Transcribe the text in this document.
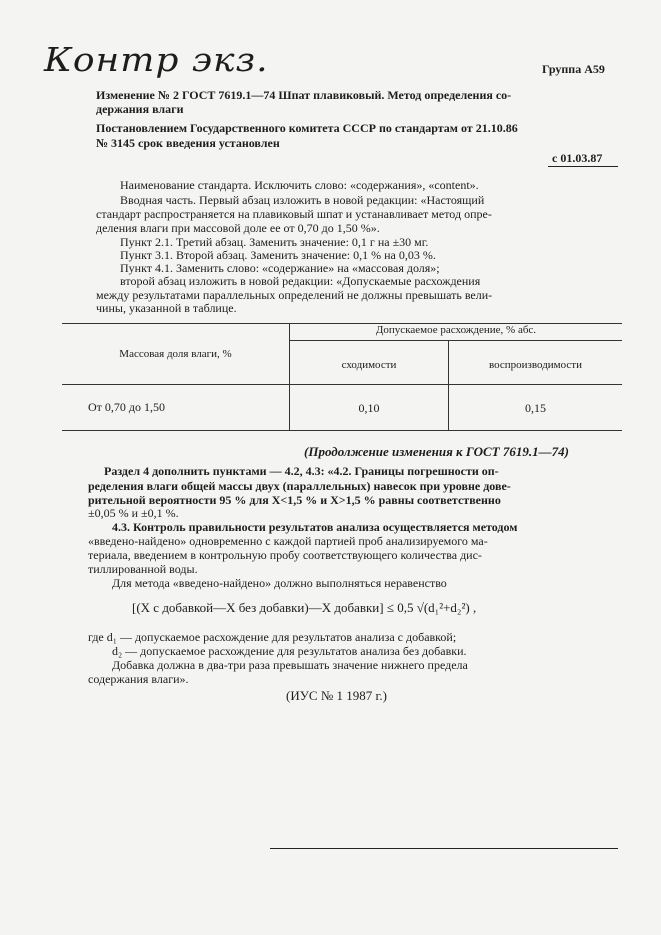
Контр экз.	Группа А59
Изменение № 2 ГОСТ 7619.1—74 Шпат плавиковый. Метод определения со-
держания влаги
Постановлением Государственного комитета СССР по стандартам от 21.10.86
№ 3145 срок введения установлен
с 01.03.87
Наименование стандарта. Исключить слово: «содержания», «content».
Вводная часть. Первый абзац изложить в новой редакции: «Настоящий
стандарт распространяется на плавиковый шпат и устанавливает метод опре-
деления влаги при массовой доле ее от 0,70 до 1,50 %».
Пункт 2.1. Третий абзац. Заменить значение: 0,1 г на ±30 мг.
Пункт 3.1. Второй абзац. Заменить значение: 0,1 % на 0,03 %.
Пункт 4.1. Заменить слово: «содержание» на «массовая доля»;
второй абзац изложить в новой редакции: «Допускаемые расхождения
между результатами параллельных определений не должны превышать вели-
чины, указанной в таблице.
Массовая доля влаги, %
Допускаемое расхождение, % абс.
сходимости	воспроизводимости
От 0,70 до 1,50	0,10	0,15
(Продолжение изменения к ГОСТ 7619.1—74)
Раздел 4 дополнить пунктами — 4.2, 4.3: «4.2. Границы погрешности оп-
ределения влаги общей массы двух (параллельных) навесок при уровне дове-
рительной вероятности 95 % для X<1,5 % и X>1,5 % равны соответственно
±0,05 % и ±0,1 %.
4.3. Контроль правильности результатов анализа осуществляется методом
«введено-найдено» одновременно с каждой партией проб анализируемого ма-
териала, введением в контрольную пробу соответствующего количества дис-
тиллированной воды.
Для метода «введено-найдено» должно выполняться неравенство
[(X с добавкой—X без добавки)—X добавки] ≤ 0,5 √(d₁²+d₂²) ,
где d₁ — допускаемое расхождение для результатов анализа с добавкой;
d₂ — допускаемое расхождение для результатов анализа без добавки.
Добавка должна в два-три раза превышать значение нижнего предела
содержания влаги».
(ИУС № 1 1987 г.)
